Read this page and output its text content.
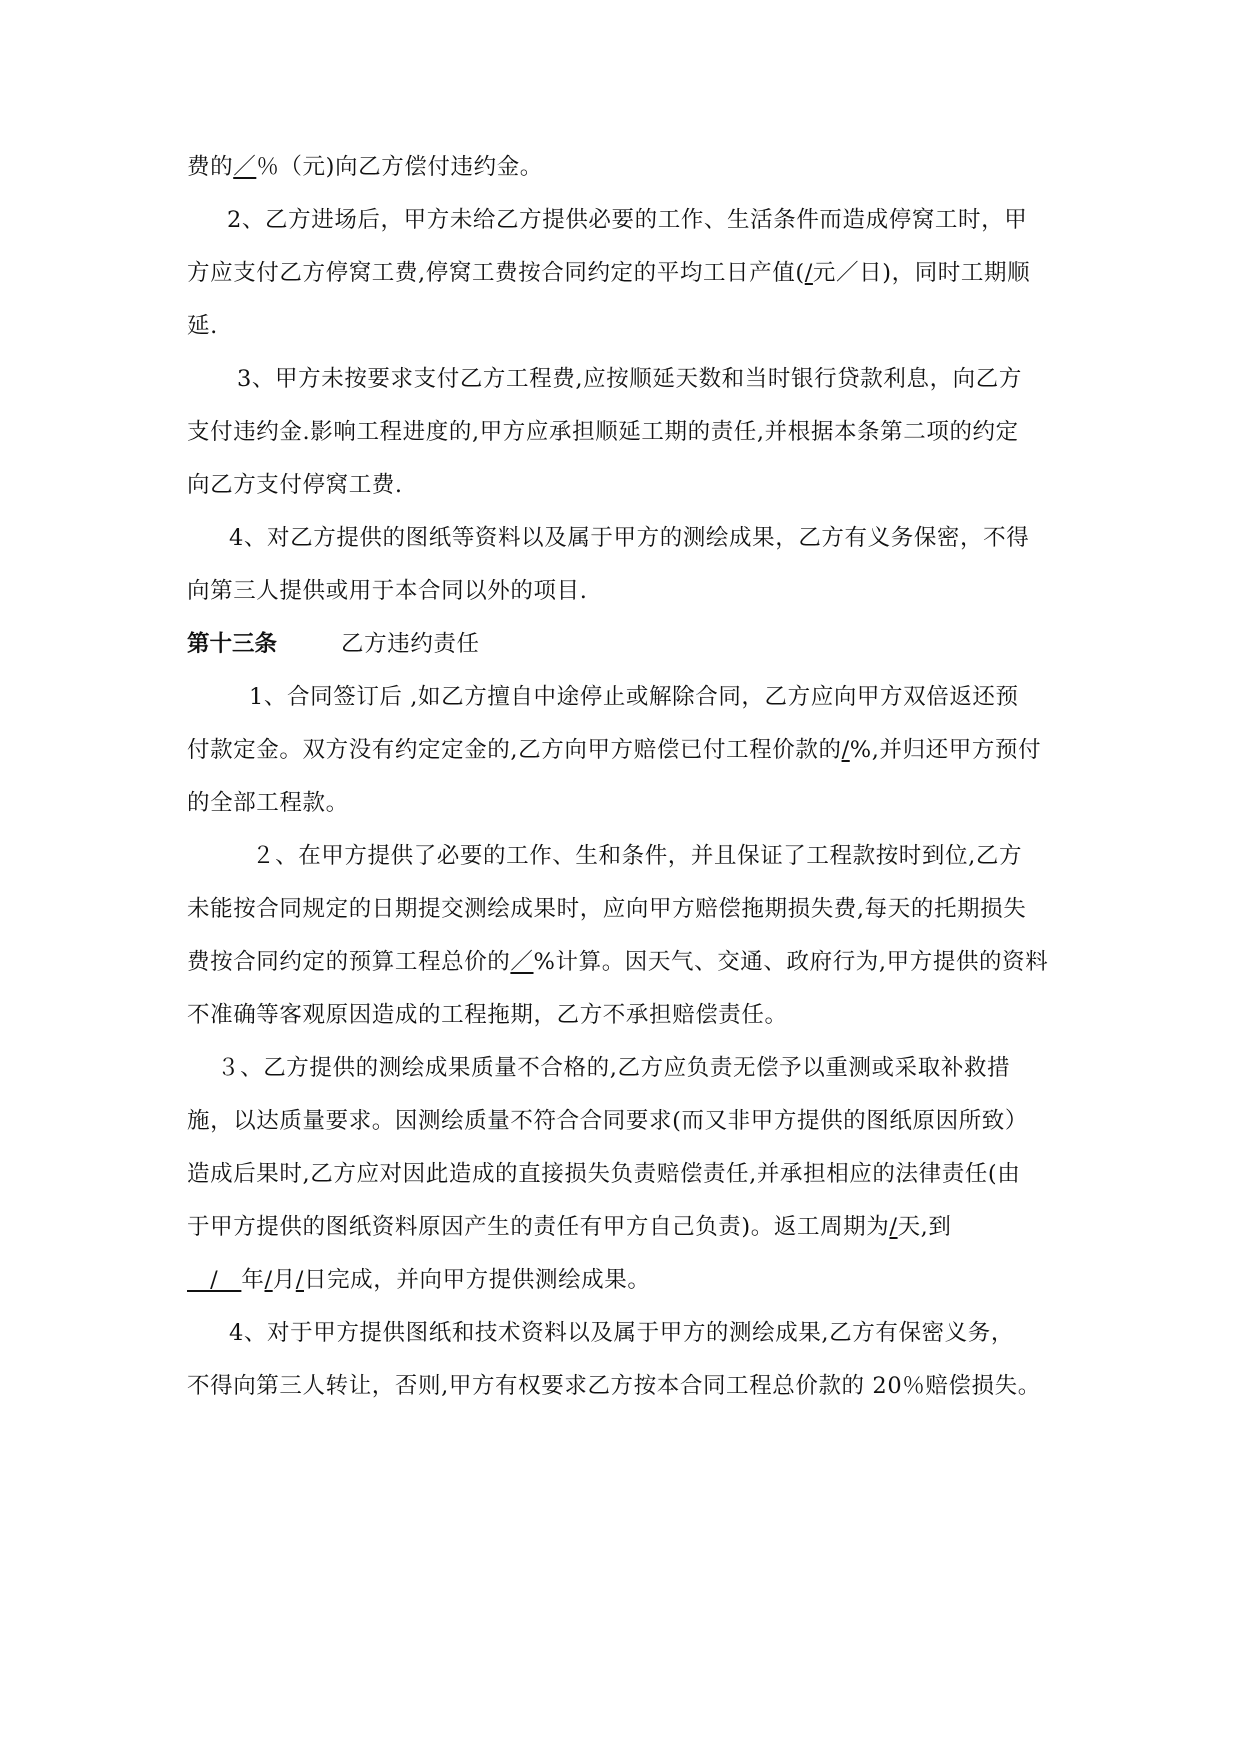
费的／％（元)向乙方偿付违约金。
2、乙方进场后，甲方未给乙方提供必要的工作、生活条件而造成停窝工时，甲
方应支付乙方停窝工费,停窝工费按合同约定的平均工日产值(/元／日)，同时工期顺
延.
3、甲方未按要求支付乙方工程费,应按顺延天数和当时银行贷款利息，向乙方
支付违约金.影响工程进度的,甲方应承担顺延工期的责任,并根据本条第二项的约定
向乙方支付停窝工费.
4、对乙方提供的图纸等资料以及属于甲方的测绘成果，乙方有义务保密，不得
向第三人提供或用于本合同以外的项目.
第十三条	乙方违约责任
1、合同签订后 ,如乙方擅自中途停止或解除合同，乙方应向甲方双倍返还预
付款定金。双方没有约定定金的,乙方向甲方赔偿已付工程价款的/%,并归还甲方预付
的全部工程款。
２、在甲方提供了必要的工作、生和条件，并且保证了工程款按时到位,乙方
未能按合同规定的日期提交测绘成果时，应向甲方赔偿拖期损失费,每天的托期损失
费按合同约定的预算工程总价的／%计算。因天气、交通、政府行为,甲方提供的资料
不准确等客观原因造成的工程拖期，乙方不承担赔偿责任。
３、乙方提供的测绘成果质量不合格的,乙方应负责无偿予以重测或采取补救措
施，以达质量要求。因测绘质量不符合合同要求(而又非甲方提供的图纸原因所致）
造成后果时,乙方应对因此造成的直接损失负责赔偿责任,并承担相应的法律责任(由
于甲方提供的图纸资料原因产生的责任有甲方自己负责)。返工周期为/天,到
　/　年/月/日完成，并向甲方提供测绘成果。
4、对于甲方提供图纸和技术资料以及属于甲方的测绘成果,乙方有保密义务，
不得向第三人转让，否则,甲方有权要求乙方按本合同工程总价款的 20％赔偿损失。
